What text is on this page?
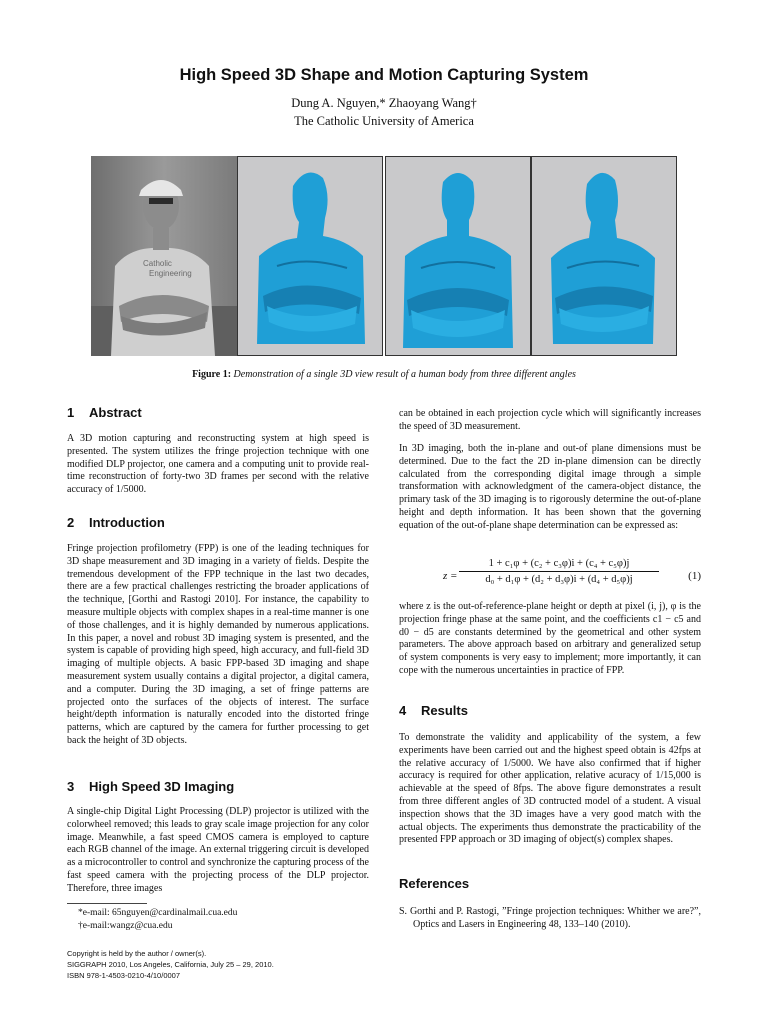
High Speed 3D Shape and Motion Capturing System
Dung A. Nguyen,* Zhaoyang Wang†
The Catholic University of America
Catholic
Engineering
Figure 1: Demonstration of a single 3D view result of a human body from three different angles
1 Abstract

A 3D motion capturing and reconstructing system at high speed is presented. The system utilizes the fringe projection technique with one modified DLP projector, one camera and a computing unit to provide real-time reconstruction of forty-two 3D frames per second with the relative accuracy of 1/5000.

2 Introduction

Fringe projection profilometry (FPP) is one of the leading techniques for 3D shape measurement and 3D imaging in a variety of fields. Despite the tremendous development of the FPP technique in the last two decades, there are a few practical challenges restricting the broader applications of the technique, [Gorthi and Rastogi 2010]. For instance, the capability to measure multiple objects with complex shapes in a real-time manner is one of those challenges, and it is highly demanded by numerous applications. In this paper, a novel and robust 3D imaging system is presented, and the system is capable of providing high speed, high accuracy, and full-field 3D imaging of multiple objects. A basic FPP-based 3D imaging and shape measurement system usually contains a digital projector, a digital camera, and a computer. During the 3D imaging, a set of fringe patterns are projected onto the surfaces of the objects of interest. The surface height/depth information is naturally encoded into the distorted fringe patterns, which are captured by the camera for further processing to get back the height of 3D objects.

3 High Speed 3D Imaging

A single-chip Digital Light Processing (DLP) projector is utilized with the colorwheel removed; this leads to gray scale image projection for any color image. Meanwhile, a fast speed CMOS camera is employed to capture each RGB channel of the image. An external triggering circuit is developed as a microcontroller to control and synchronize the capturing process of the fast speed camera with the projecting process of the DLP projector. Therefore, three images

*e-mail: 65nguyen@cardinalmail.cua.edu
†e-mail:wangz@cua.edu
Copyright is held by the author / owner(s).
SIGGRAPH 2010, Los Angeles, California, July 25 – 29, 2010.
ISBN 978-1-4503-0210-4/10/0007

can be obtained in each projection cycle which will significantly increases the speed of 3D measurement.

In 3D imaging, both the in-plane and out-of plane dimensions must be determined. Due to the fact the 2D in-plane dimension can be directly calculated from the corresponding digital image through a simple transformation with acknowledgment of the camera-object distance, the primary task of the 3D imaging is to rigorously determine the out-of-plane height and depth information. It has been shown that the governing equation of the out-of-plane shape determination can be expressed as:

$z = \frac{\text{1 + c₁φ + (c₂ + c₃φ)i + (c₄ + c₅φ)j}}{\text{d₀ + d₁φ + (d₂ + d₃φ)i + (d₄ + d₅φ)j}}$	(1)

where z is the out-of-reference-plane height or depth at pixel (i, j), φ is the projection fringe phase at the same point, and the coefficients c1 − c5 and d0 − d5 are constants determined by the geometrical and other system parameters. The above approach based on arbitrary and generalized setup of system components is very easy to implement; more importantly, it can cope with the numerous uncertainties in practice of FPP.

4 Results

To demonstrate the validity and applicability of the system, a few experiments have been carried out and the highest speed obtain is 42fps at the relative accuracy of 1/5000. We have also confirmed that if higher accuracy is required for other application, relative acuracy of 1/15,000 is achievable at the speed of 8fps. The above figure demonstrates a result from three different angles of 3D contructed model of a student. A visual inspection shows that the 3D images have a very good match with the actual objects. The experiments thus demonstrate the practicability of the presented FPP approach or 3D imaging of object(s) complex shapes.

References
S. Gorthi and P. Rastogi, ”Fringe projection techniques: Whither we are?”, Optics and Lasers in Engineering 48, 133–140 (2010).
